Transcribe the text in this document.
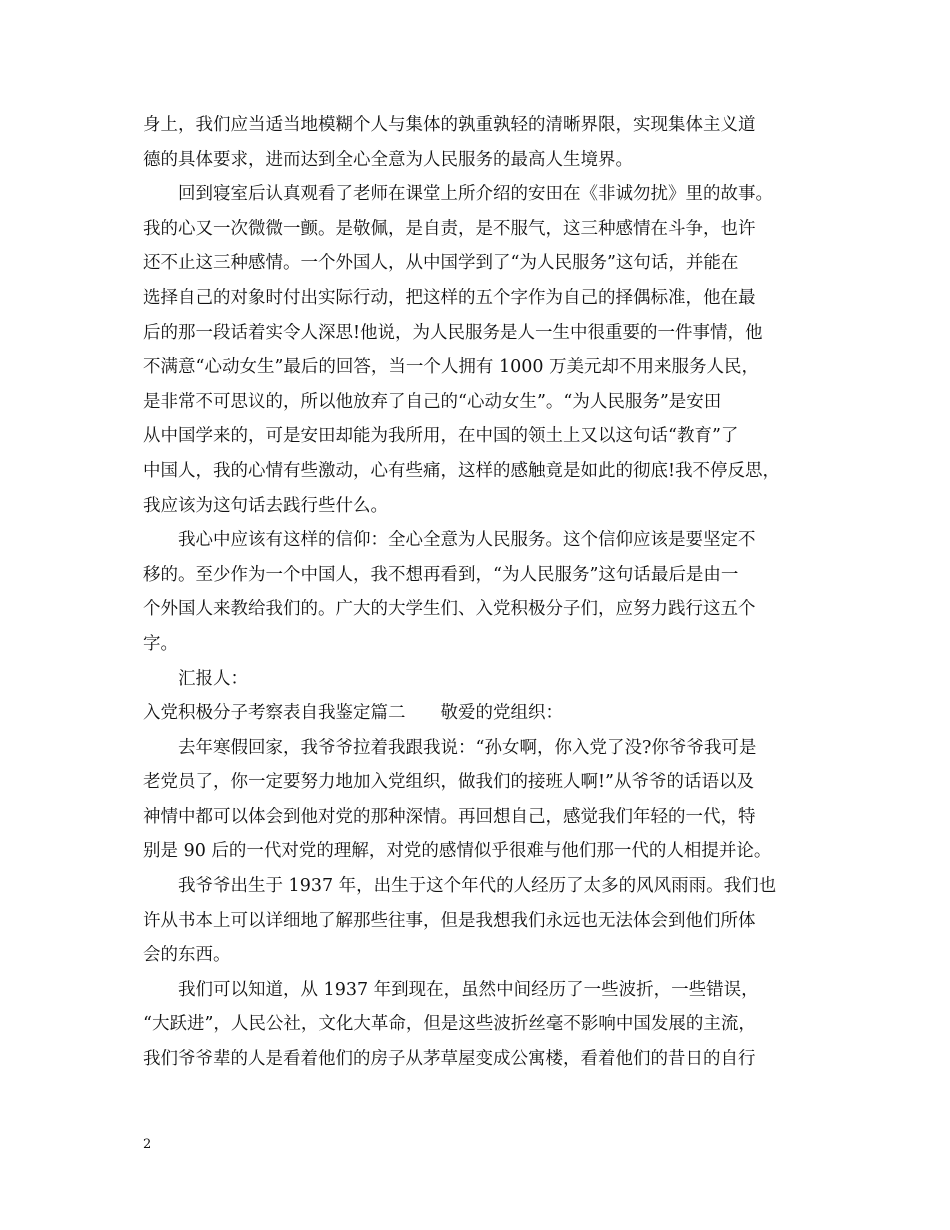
身上，我们应当适当地模糊个人与集体的孰重孰轻的清晰界限，实现集体主义道
德的具体要求，进而达到全心全意为人民服务的最高人生境界。
回到寝室后认真观看了老师在课堂上所介绍的安田在《非诚勿扰》里的故事。
我的心又一次微微一颤。是敬佩，是自责，是不服气，这三种感情在斗争，也许
还不止这三种感情。一个外国人，从中国学到了“为人民服务”这句话，并能在
选择自己的对象时付出实际行动，把这样的五个字作为自己的择偶标准，他在最
后的那一段话着实令人深思!他说，为人民服务是人一生中很重要的一件事情，他
不满意“心动女生”最后的回答，当一个人拥有 1000 万美元却不用来服务人民，
是非常不可思议的，所以他放弃了自己的“心动女生”。“为人民服务”是安田
从中国学来的，可是安田却能为我所用，在中国的领土上又以这句话“教育”了
中国人，我的心情有些激动，心有些痛，这样的感触竟是如此的彻底!我不停反思，
我应该为这句话去践行些什么。
我心中应该有这样的信仰：全心全意为人民服务。这个信仰应该是要坚定不
移的。至少作为一个中国人，我不想再看到，“为人民服务”这句话最后是由一
个外国人来教给我们的。广大的大学生们、入党积极分子们，应努力践行这五个
字。
汇报人：
入党积极分子考察表自我鉴定篇二　　敬爱的党组织：
去年寒假回家，我爷爷拉着我跟我说：“孙女啊，你入党了没?你爷爷我可是
老党员了，你一定要努力地加入党组织，做我们的接班人啊!”从爷爷的话语以及
神情中都可以体会到他对党的那种深情。再回想自己，感觉我们年轻的一代，特
别是 90 后的一代对党的理解，对党的感情似乎很难与他们那一代的人相提并论。
我爷爷出生于 1937 年，出生于这个年代的人经历了太多的风风雨雨。我们也
许从书本上可以详细地了解那些往事，但是我想我们永远也无法体会到他们所体
会的东西。
我们可以知道，从 1937 年到现在，虽然中间经历了一些波折，一些错误，
“大跃进”，人民公社，文化大革命，但是这些波折丝毫不影响中国发展的主流，
我们爷爷辈的人是看着他们的房子从茅草屋变成公寓楼，看着他们的昔日的自行
2
